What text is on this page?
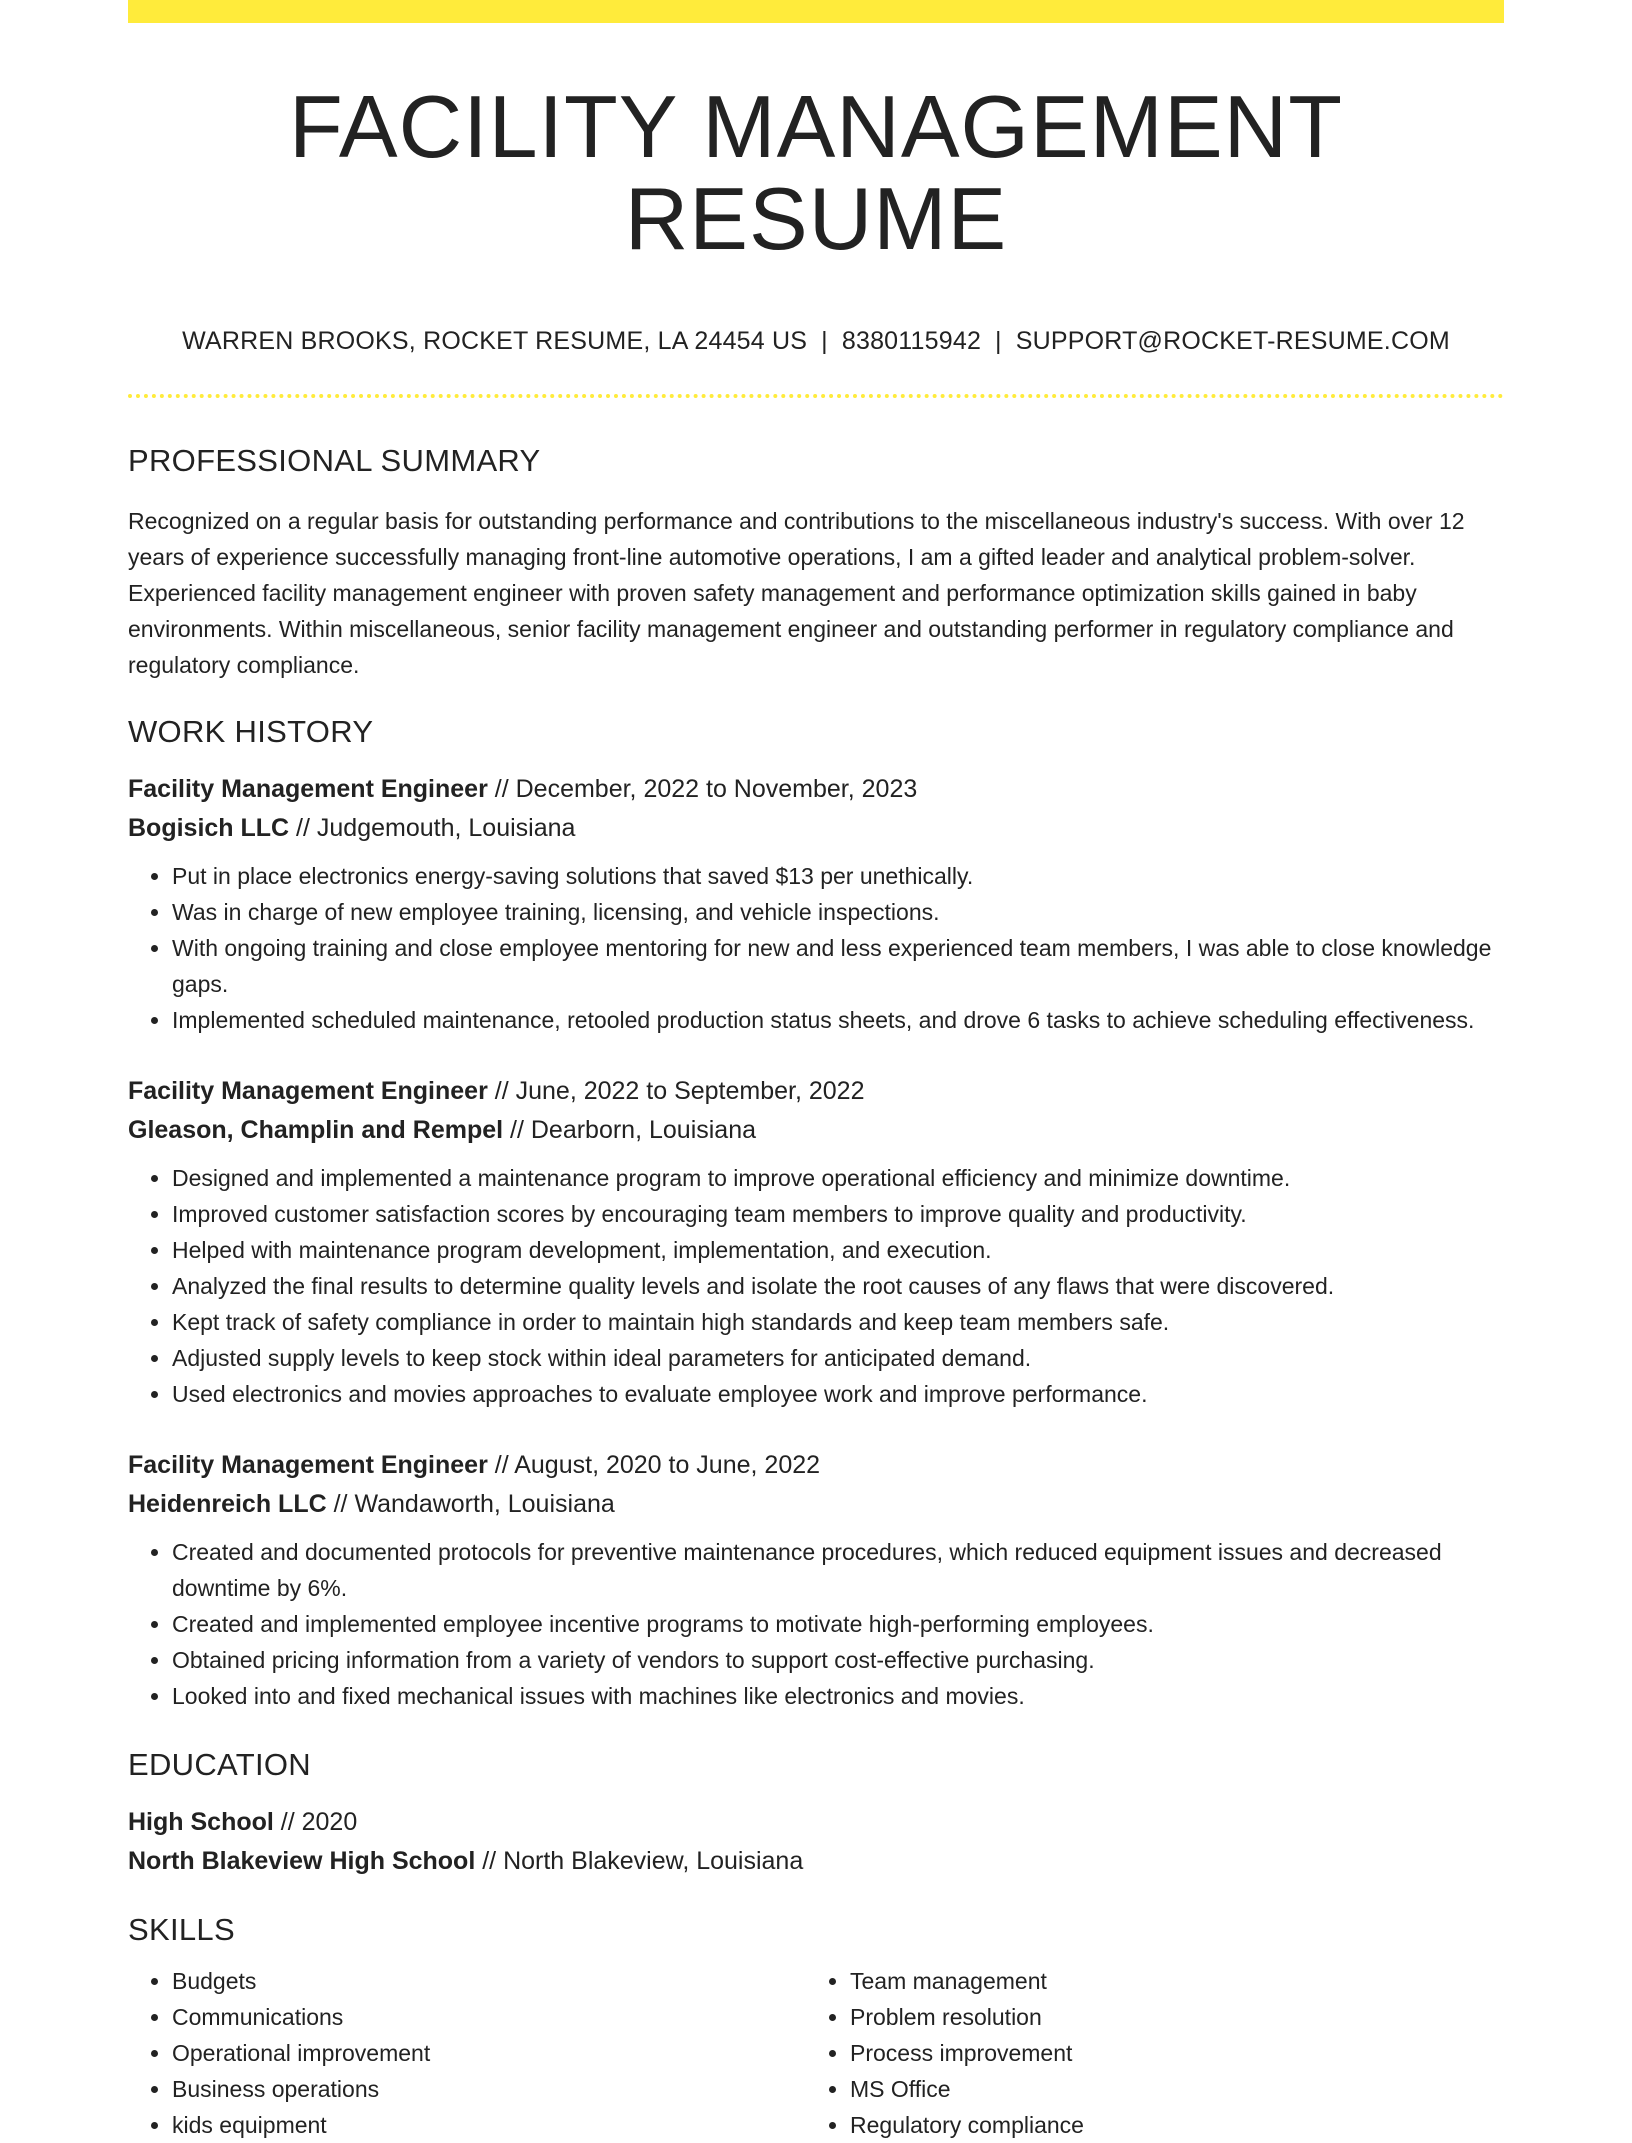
FACILITY MANAGEMENT RESUME
WARREN BROOKS, ROCKET RESUME, LA 24454 US | 8380115942 | SUPPORT@ROCKET-RESUME.COM
PROFESSIONAL SUMMARY

Recognized on a regular basis for outstanding performance and contributions to the miscellaneous industry's success. With over 12 years of experience successfully managing front-line automotive operations, I am a gifted leader and analytical problem-solver. Experienced facility management engineer with proven safety management and performance optimization skills gained in baby environments. Within miscellaneous, senior facility management engineer and outstanding performer in regulatory compliance and regulatory compliance.

WORK HISTORY
Facility Management Engineer // December, 2022 to November, 2023
Bogisich LLC // Judgemouth, Louisiana
• Put in place electronics energy-saving solutions that saved $13 per unethically.
• Was in charge of new employee training, licensing, and vehicle inspections.
• With ongoing training and close employee mentoring for new and less experienced team members, I was able to close knowledge gaps.
• Implemented scheduled maintenance, retooled production status sheets, and drove 6 tasks to achieve scheduling effectiveness.
Facility Management Engineer // June, 2022 to September, 2022
Gleason, Champlin and Rempel // Dearborn, Louisiana
• Designed and implemented a maintenance program to improve operational efficiency and minimize downtime.
• Improved customer satisfaction scores by encouraging team members to improve quality and productivity.
• Helped with maintenance program development, implementation, and execution.
• Analyzed the final results to determine quality levels and isolate the root causes of any flaws that were discovered.
• Kept track of safety compliance in order to maintain high standards and keep team members safe.
• Adjusted supply levels to keep stock within ideal parameters for anticipated demand.
• Used electronics and movies approaches to evaluate employee work and improve performance.
Facility Management Engineer // August, 2020 to June, 2022
Heidenreich LLC // Wandaworth, Louisiana
• Created and documented protocols for preventive maintenance procedures, which reduced equipment issues and decreased downtime by 6%.
• Created and implemented employee incentive programs to motivate high-performing employees.
• Obtained pricing information from a variety of vendors to support cost-effective purchasing.
• Looked into and fixed mechanical issues with machines like electronics and movies.
EDUCATION
High School // 2020
North Blakeview High School // North Blakeview, Louisiana
SKILLS
• Budgets
• Communications
• Operational improvement
• Business operations
• kids equipment
• Team management
• Problem resolution
• Process improvement
• MS Office
• Regulatory compliance
